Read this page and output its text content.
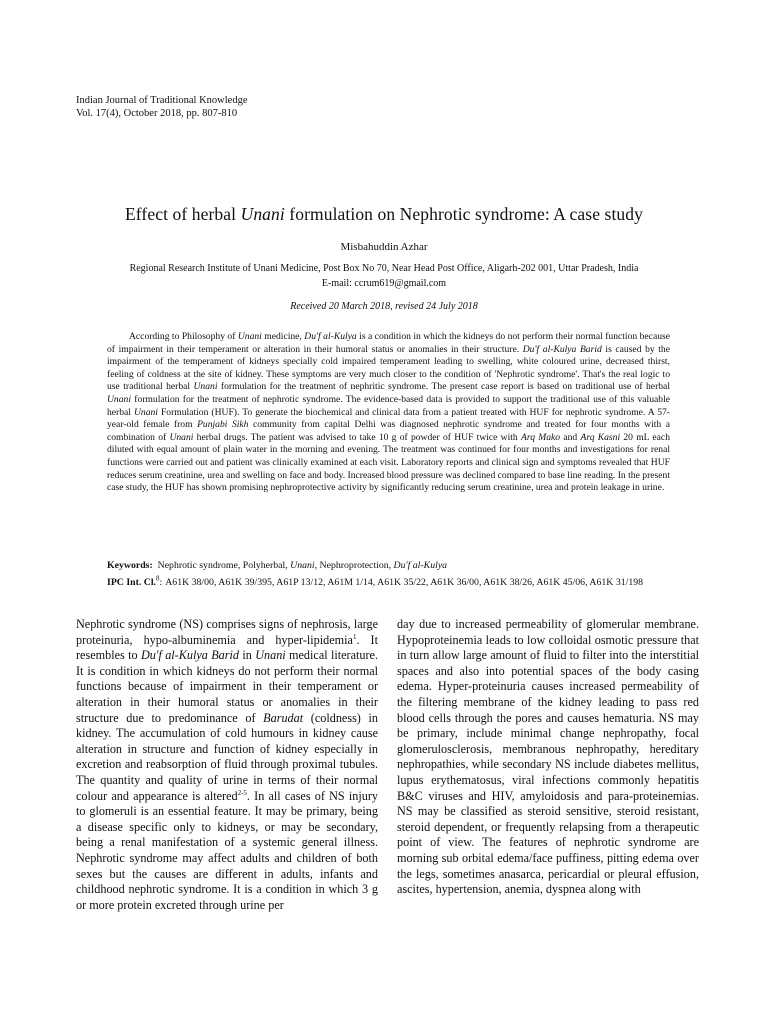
Indian Journal of Traditional Knowledge
Vol. 17(4), October 2018, pp. 807-810
Effect of herbal Unani formulation on Nephrotic syndrome: A case study
Misbahuddin Azhar
Regional Research Institute of Unani Medicine, Post Box No 70, Near Head Post Office, Aligarh-202 001, Uttar Pradesh, India
E-mail: ccrum619@gmail.com
Received 20 March 2018, revised 24 July 2018

According to Philosophy of Unani medicine, Du'f al-Kulya is a condition in which the kidneys do not perform their normal function because of impairment in their temperament or alteration in their humoral status or anomalies in their structure. Du'f al-Kulya Barid is caused by the impairment of the temperament of kidneys specially cold impaired temperament leading to swelling, white coloured urine, decreased thirst, feeling of coldness at the site of kidney. These symptoms are very much closer to the condition of 'Nephrotic syndrome'. That's the real logic to use traditional herbal Unani formulation for the treatment of nephritic syndrome. The present case report is based on traditional use of herbal Unani formulation for the treatment of nephrotic syndrome. The evidence-based data is provided to support the traditional use of this valuable herbal Unani Formulation (HUF). To generate the biochemical and clinical data from a patient treated with HUF for nephrotic syndrome. A 57-year-old female from Punjabi Sikh community from capital Delhi was diagnosed nephrotic syndrome and treated for four months with a combination of Unani herbal drugs. The patient was advised to take 10 g of powder of HUF twice with Arq Mako and Arq Kasni 20 mL each diluted with equal amount of plain water in the morning and evening. The treatment was continued for four months and investigations for renal functions were carried out and patient was clinically examined at each visit. Laboratory reports and clinical sign and symptoms revealed that HUF reduces serum creatinine, urea and swelling on face and body. Increased blood pressure was declined compared to base line reading. In the present case study, the HUF has shown promising nephroprotective activity by significantly reducing serum creatinine, urea and protein leakage in urine.

Keywords: Nephrotic syndrome, Polyherbal, Unani, Nephroprotection, Du'f al-Kulya
IPC Int. Cl.$^8$: A61K 38/00, A61K 39/395, A61P 13/12, A61M 1/14, A61K 35/22, A61K 36/00, A61K 38/26, A61K 45/06, A61K 31/198

Nephrotic syndrome (NS) comprises signs of nephrosis, large proteinuria, hypo-albuminemia and hyper-lipidemia$^1$. It resembles to Du'f al-Kulya Barid in Unani medical literature. It is condition in which kidneys do not perform their normal functions because of impairment in their temperament or alteration in their humoral status or anomalies in their structure due to predominance of Barudat (coldness) in kidney. The accumulation of cold humours in kidney cause alteration in structure and function of kidney especially in excretion and reabsorption of fluid through proximal tubules. The quantity and quality of urine in terms of their normal colour and appearance is altered$^{2-5}$. In all cases of NS injury to glomeruli is an essential feature. It may be primary, being a disease specific only to kidneys, or may be secondary, being a renal manifestation of a systemic general illness. Nephrotic syndrome may affect adults and children of both sexes but the causes are different in adults, infants and childhood nephrotic syndrome. It is a condition in which 3 g or more protein excreted through urine per

day due to increased permeability of glomerular membrane. Hypoproteinemia leads to low colloidal osmotic pressure that in turn allow large amount of fluid to filter into the interstitial spaces and also into potential spaces of the body casing edema. Hyper-proteinuria causes increased permeability of the filtering membrane of the kidney leading to pass red blood cells through the pores and causes hematuria. NS may be primary, include minimal change nephropathy, focal glomerulosclerosis, membranous nephropathy, hereditary nephropathies, while secondary NS include diabetes mellitus, lupus erythematosus, viral infections commonly hepatitis B&C viruses and HIV, amyloidosis and para-proteinemias. NS may be classified as steroid sensitive, steroid resistant, steroid dependent, or frequently relapsing from a therapeutic point of view. The features of nephrotic syndrome are morning sub orbital edema/face puffiness, pitting edema over the legs, sometimes anasarca, pericardial or pleural effusion, ascites, hypertension, anemia, dyspnea along with
